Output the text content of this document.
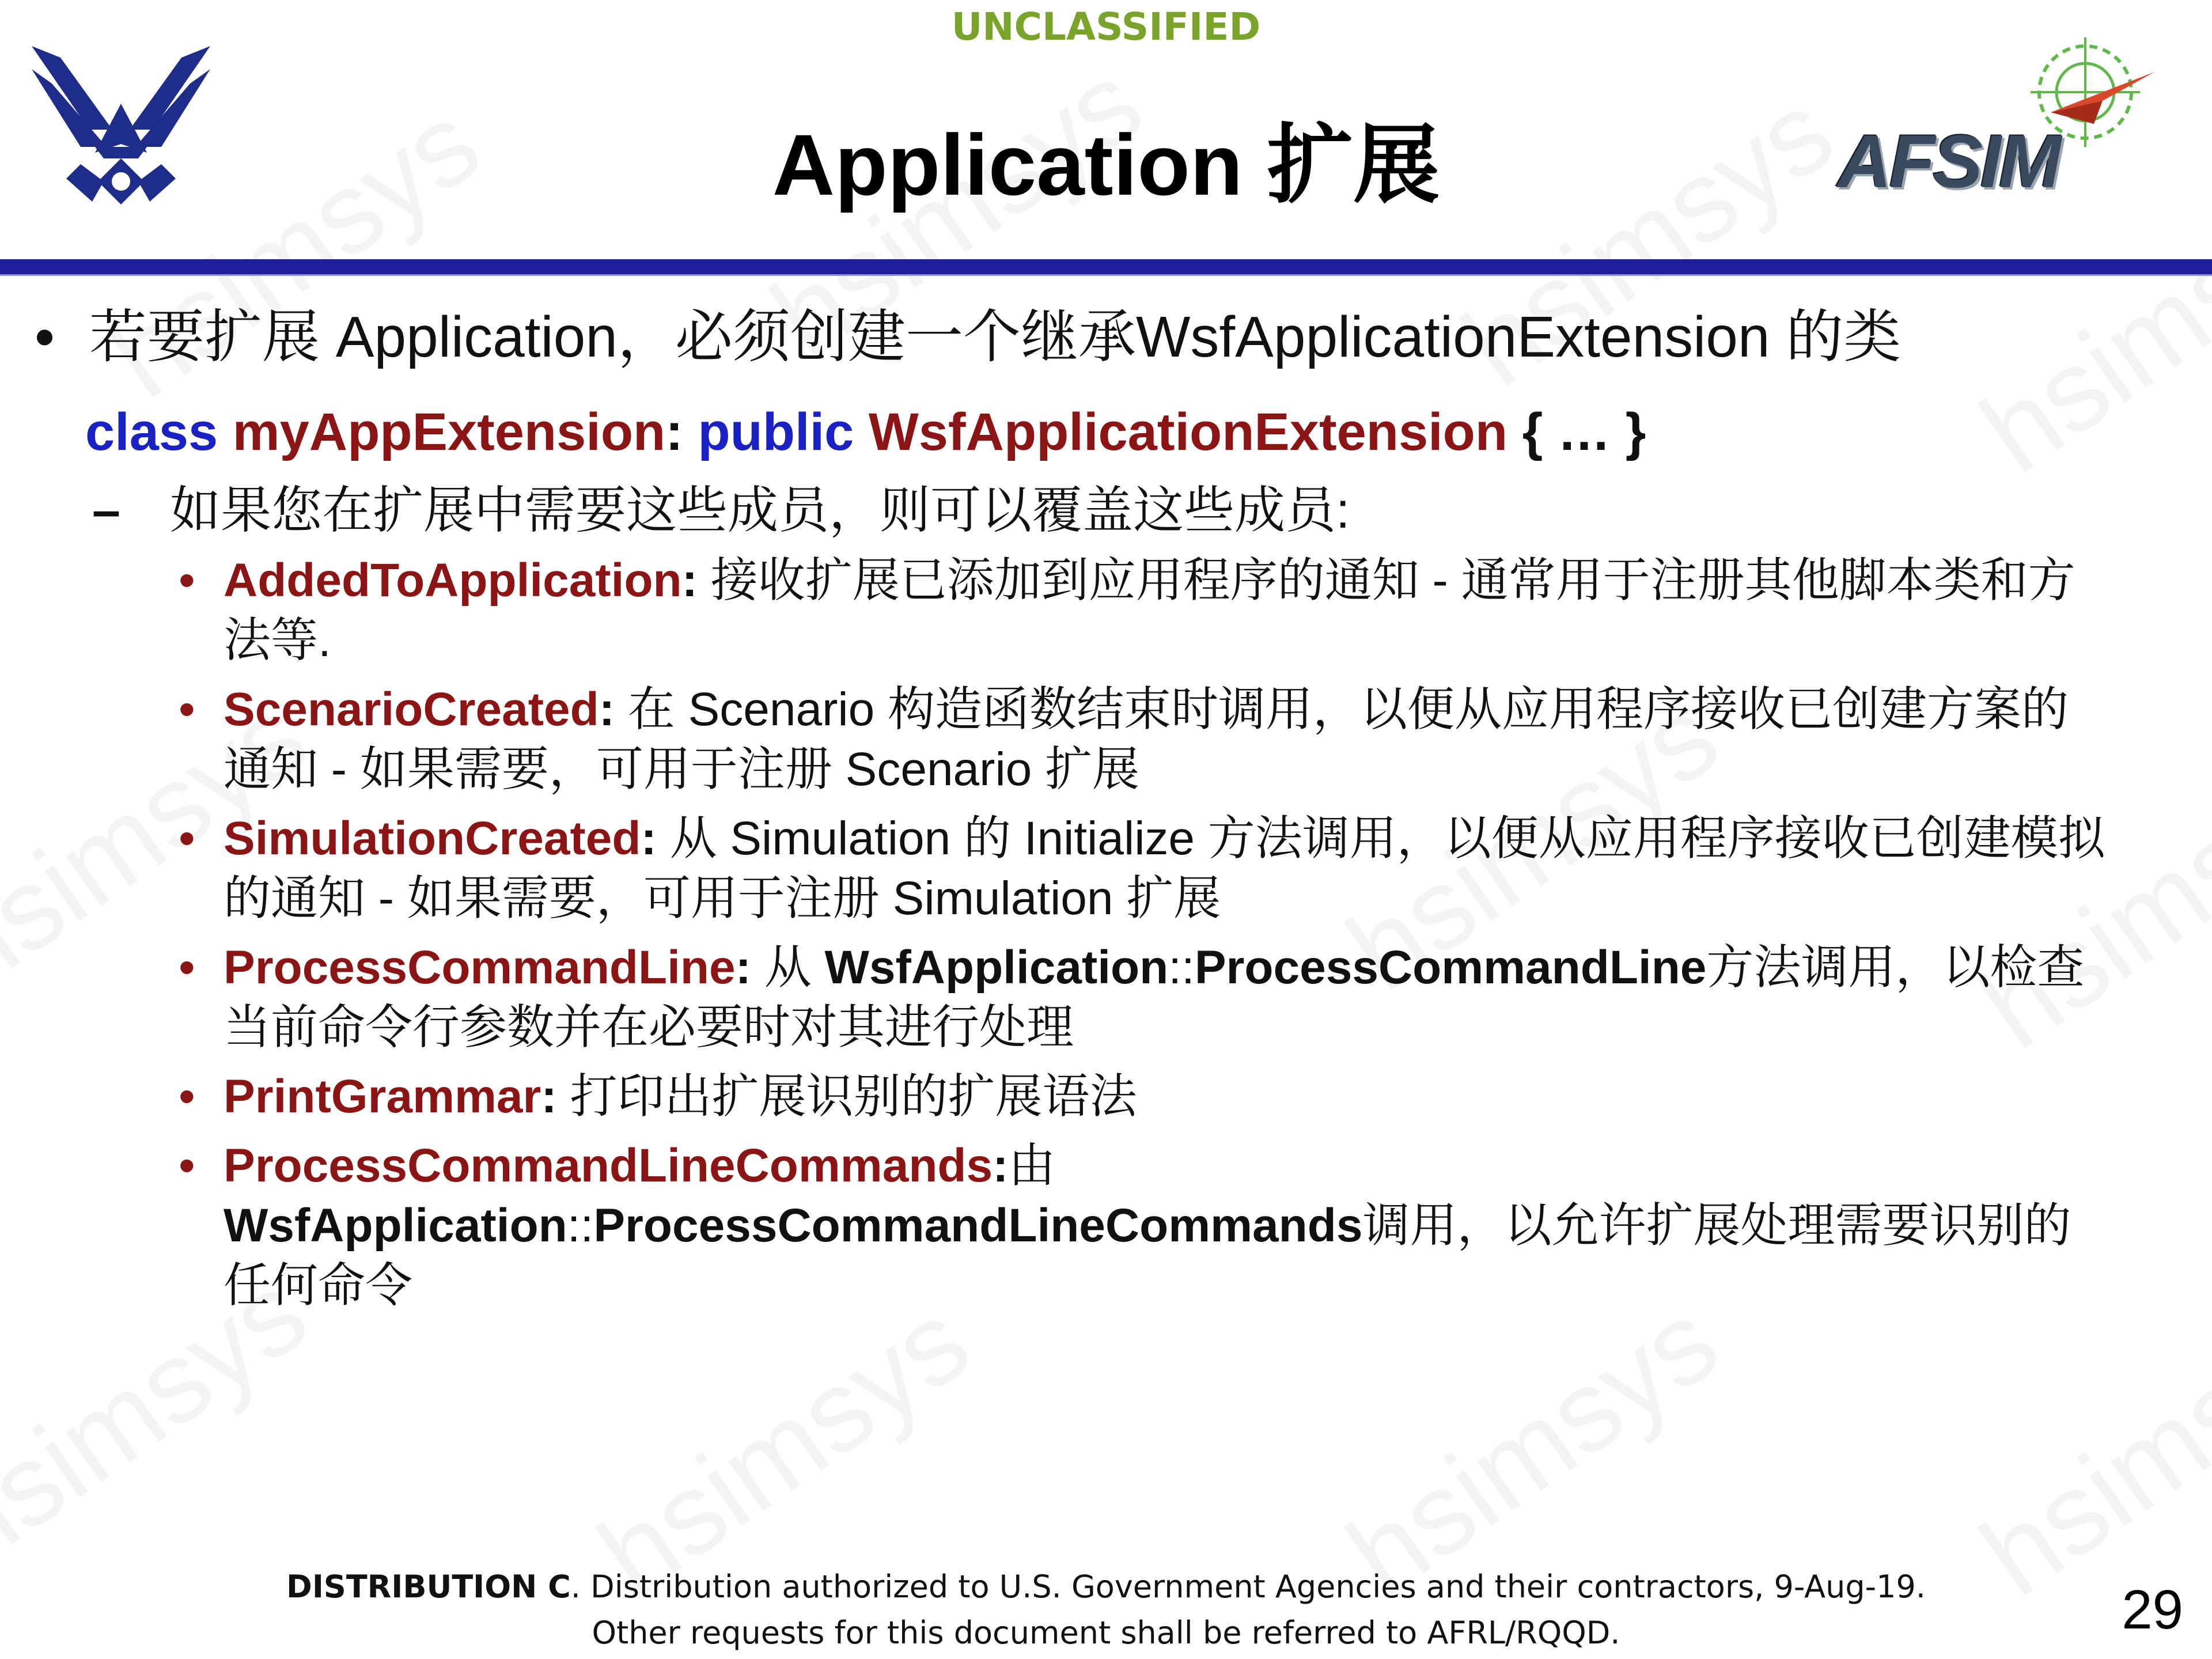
UNCLASSIFIED
AFSIM
Application 扩展
• 若要扩展 Application，必须创建一个继承WsfApplicationExtension 的类
class myAppExtension: public WsfApplicationExtension { … }
– 如果您在扩展中需要这些成员，则可以覆盖这些成员:
• AddedToApplication: 接收扩展已添加到应用程序的通知 - 通常用于注册其他脚本类和方法等.
• ScenarioCreated: 在 Scenario 构造函数结束时调用，以便从应用程序接收已创建方案的通知 - 如果需要，可用于注册 Scenario 扩展
• SimulationCreated: 从 Simulation 的 Initialize 方法调用，以便从应用程序接收已创建模拟的通知 - 如果需要，可用于注册 Simulation 扩展
• ProcessCommandLine: 从 WsfApplication::ProcessCommandLine方法调用，以检查当前命令行参数并在必要时对其进行处理
• PrintGrammar: 打印出扩展识别的扩展语法
• ProcessCommandLineCommands:由
WsfApplication::ProcessCommandLineCommands调用，以允许扩展处理需要识别的任何命令
DISTRIBUTION C. Distribution authorized to U.S. Government Agencies and their contractors, 9-Aug-19.
Other requests for this document shall be referred to AFRL/RQQD.	29
